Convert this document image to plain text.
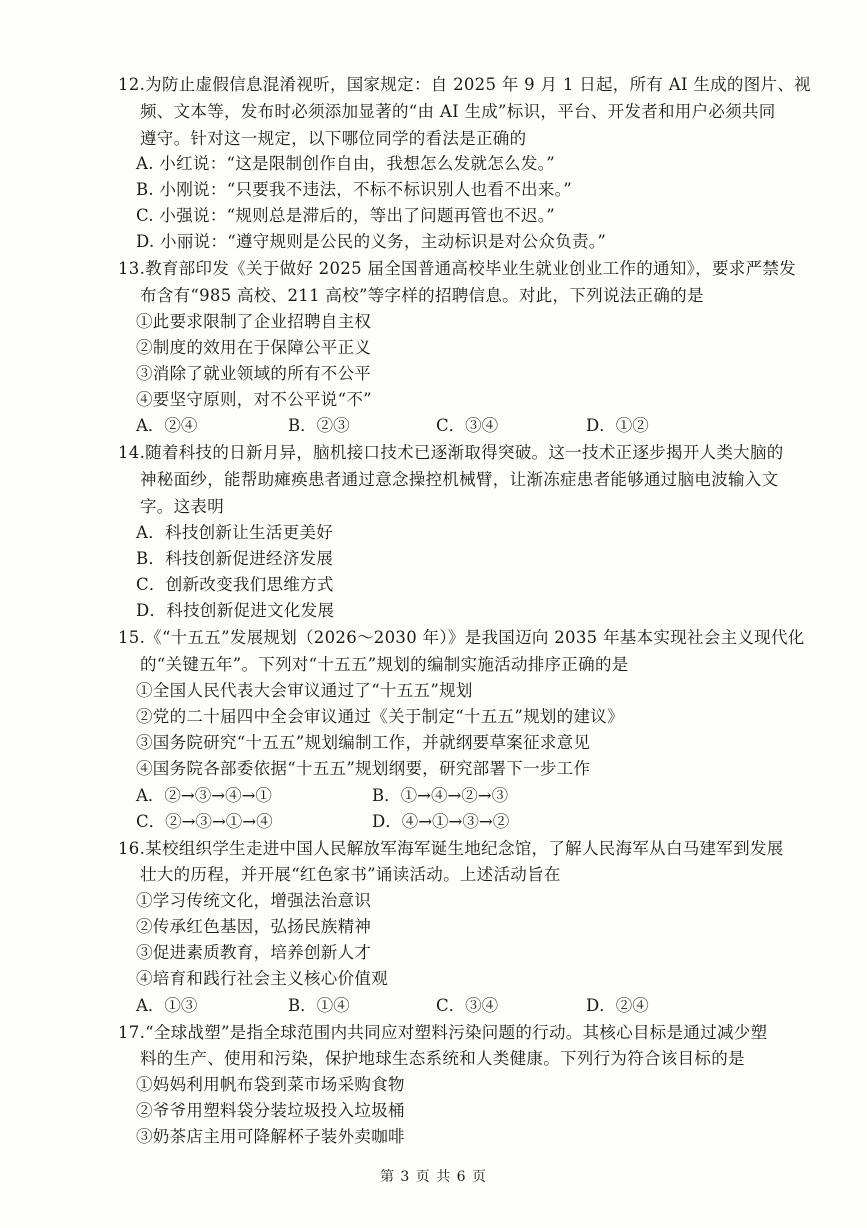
12.为防止虚假信息混淆视听，国家规定：自 2025 年 9 月 1 日起，所有 AI 生成的图片、视
频、文本等，发布时必须添加显著的“由 AI 生成”标识，平台、开发者和用户必须共同
遵守。针对这一规定，以下哪位同学的看法是正确的
A. 小红说：“这是限制创作自由，我想怎么发就怎么发。”
B. 小刚说：“只要我不违法，不标不标识别人也看不出来。”
C. 小强说：“规则总是滞后的，等出了问题再管也不迟。”
D. 小丽说：“遵守规则是公民的义务，主动标识是对公众负责。”
13.教育部印发《关于做好 2025 届全国普通高校毕业生就业创业工作的通知》，要求严禁发
布含有“985 高校、211 高校”等字样的招聘信息。对此，下列说法正确的是
①此要求限制了企业招聘自主权
②制度的效用在于保障公平正义
③消除了就业领域的所有不公平
④要坚守原则，对不公平说“不”
A．②④	B．②③	C．③④	D．①②
14.随着科技的日新月异，脑机接口技术已逐渐取得突破。这一技术正逐步揭开人类大脑的
神秘面纱，能帮助瘫痪患者通过意念操控机械臂，让渐冻症患者能够通过脑电波输入文
字。这表明
A．科技创新让生活更美好
B．科技创新促进经济发展
C．创新改变我们思维方式
D．科技创新促进文化发展
15.《“十五五”发展规划（2026～2030 年）》是我国迈向 2035 年基本实现社会主义现代化
的“关键五年”。下列对“十五五”规划的编制实施活动排序正确的是
①全国人民代表大会审议通过了“十五五”规划
②党的二十届四中全会审议通过《关于制定“十五五”规划的建议》
③国务院研究“十五五”规划编制工作，并就纲要草案征求意见
④国务院各部委依据“十五五”规划纲要，研究部署下一步工作
A．②→③→④→①	B．①→④→②→③
C．②→③→①→④	D．④→①→③→②
16.某校组织学生走进中国人民解放军海军诞生地纪念馆，了解人民海军从白马建军到发展
壮大的历程，并开展“红色家书”诵读活动。上述活动旨在
①学习传统文化，增强法治意识
②传承红色基因，弘扬民族精神
③促进素质教育，培养创新人才
④培育和践行社会主义核心价值观
A．①③	B．①④	C．③④	D．②④
17.“全球战塑”是指全球范围内共同应对塑料污染问题的行动。其核心目标是通过减少塑
料的生产、使用和污染，保护地球生态系统和人类健康。下列行为符合该目标的是
①妈妈利用帆布袋到菜市场采购食物
②爷爷用塑料袋分装垃圾投入垃圾桶
③奶茶店主用可降解杯子装外卖咖啡
第 3 页 共 6 页
